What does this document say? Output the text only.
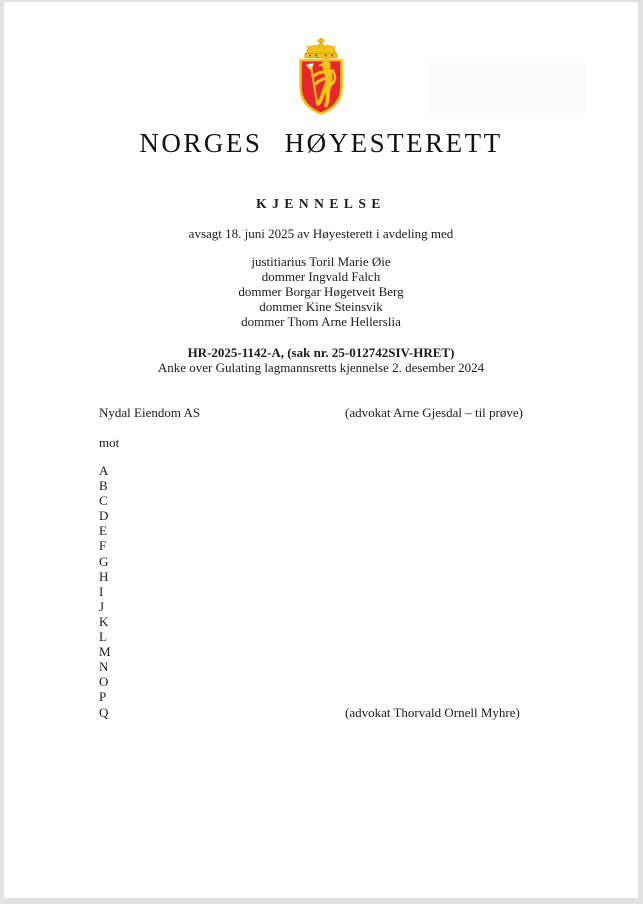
NORGES HØYESTERETT
KJENNELSE
avsagt 18. juni 2025 av Høyesterett i avdeling med
justitiarius Toril Marie Øie
dommer Ingvald Falch
dommer Borgar Høgetveit Berg
dommer Kine Steinsvik
dommer Thom Arne Hellerslia
HR-2025-1142-A, (sak nr. 25-012742SIV-HRET)
Anke over Gulating lagmannsretts kjennelse 2. desember 2024
Nydal Eiendom AS	(advokat Arne Gjesdal – til prøve)
mot
A
B
C
D
E
F
G
H
I
J
K
L
M
N
O
P
Q	(advokat Thorvald Ornell Myhre)
